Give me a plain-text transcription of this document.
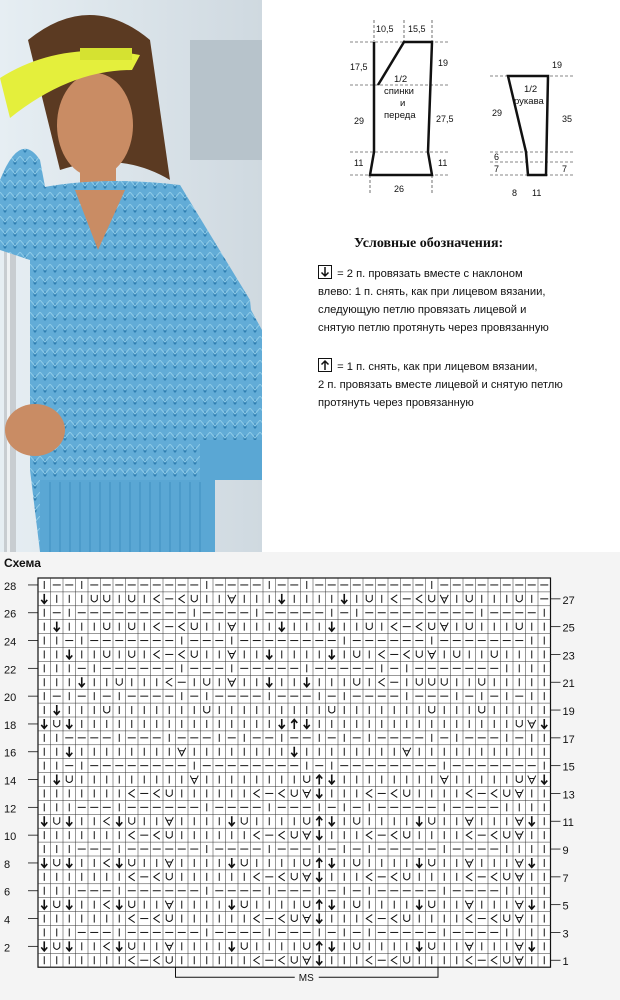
10,5 15,5
17,5
29
11
19
27,5
11
26
1/2
спинки
и
переда
1/2
рукава
29
6
7
19
35
7
8 11
Условные обозначения:
= 2 п. провязать вместе с наклоном
влево: 1 п. снять, как при лицевом вязании,
следующую петлю провязать лицевой и
снятую петлю протянуть через провязанную
= 1 п. снять, как при лицевом вязании,
2 п. провязать вместе лицевой и снятую петлю
протянуть через провязанную
Схема
28
26
24
22
20
18
16
14
12
10
8
6
4
2
27
25
23
21
19
17
15
13
11
9
7
5
3
1
MS
